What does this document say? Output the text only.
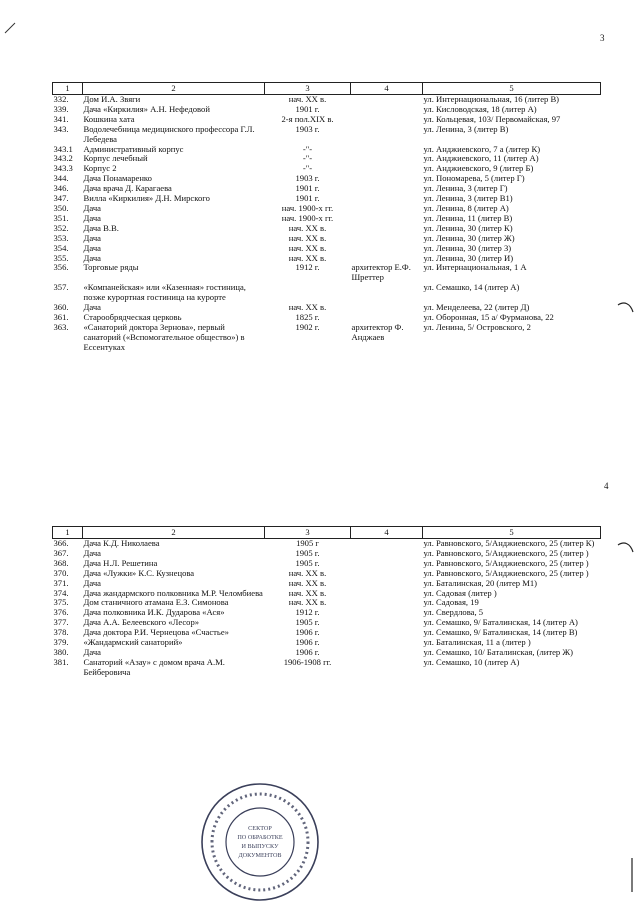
3
1	2	3	4	5
332.	Дом И.А. Звяги	нач. XX в.		ул. Интернациональная, 16 (литер В)
339.	Дача «Киркилия» А.Н. Нефедовой	1901 г.		ул. Кисловодская, 18 (литер А)
341.	Кошкина хата	2-я пол.XIX в.		ул. Кольцевая, 103/ Первомайская, 97
343.	Водолечебница медицинского профессора Г.Л. Лебедева	1903 г.		ул. Ленина, 3 (литер В)
343.1	Административный корпус	-"-		ул. Анджиевского, 7 а (литер К)
343.2	Корпус лечебный	-"-		ул. Анджиевского, 11 (литер А)
343.3	Корпус 2	-"-		ул. Анджиевского, 9 (литер Б)
344.	Дача Понамаренко	1903 г.		ул. Пономарева, 5 (литер Г)
346.	Дача врача Д. Карагаева	1901 г.		ул. Ленина, 3 (литер Г)
347.	Вилла «Киркилия» Д.Н. Мирского	1901 г.		ул. Ленина, 3 (литер В1)
350.	Дача	нач. 1900-х гг.		ул. Ленина, 8 (литер А)
351.	Дача	нач. 1900-х гг.		ул. Ленина, 11 (литер В)
352.	Дача В.В.	нач. XX в.		ул. Ленина, 30 (литер К)
353.	Дача	нач. XX в.		ул. Ленина, 30 (литер Ж)
354.	Дача	нач. XX в.		ул. Ленина, 30 (литер З)
355.	Дача	нач. XX в.		ул. Ленина, 30 (литер И)
356.	Торговые ряды	1912 г.	архитектор Е.Ф. Шреттер	ул. Интернациональная, 1 А
357.	«Компанейская» или «Казенная» гостиница, позже курортная гостиница на курорте			ул. Семашко, 14 (литер А)
360.	Дача	нач. XX в.		ул. Менделеева, 22 (литер Д)
361.	Старообрядческая церковь	1825 г.		ул. Оборонная, 15 а/ Фурманова, 22
363.	«Санаторий доктора Зернова», первый санаторий («Вспомогательное общество») в Ессентуках	1902 г.	архитектор Ф. Анджаев	ул. Ленина, 5/ Островского, 2
4
1	2	3	4	5
366.	Дача К.Д. Николаева	1905 г		ул. Равновского, 5/Анджиевского, 25 (литер К)
367.	Дача	1905 г.		ул. Равновского, 5/Анджиевского, 25 (литер )
368.	Дача Н.Л. Решетина	1905 г.		ул. Равновского, 5/Анджиевского, 25 (литер )
370.	Дача «Лужки» К.С. Кузнецова	нач. XX в.		ул. Равновского, 5/Анджиевского, 25 (литер )
371.	Дача	нач. XX в.		ул. Баталинская, 20 (литер М1)
374.	Дача жандармского полковника М.Р. Челомбиева	нач. XX в.		ул. Садовая (литер )
375.	Дом станичного атамана Е.З. Симонова	нач. XX в.		ул. Садовая, 19
376.	Дача полковника И.К. Дударова «Ася»	1912 г.		ул. Свердлова, 5
377.	Дача А.А. Белеевского «Лесор»	1905 г.		ул. Семашко, 9/ Баталинская, 14 (литер А)
378.	Дача доктора Р.И. Чернецова «Счастье»	1906 г.		ул. Семашко, 9/ Баталинская, 14 (литер В)
379.	«Жандармский санаторий»	1906 г.		ул. Баталинская, 11 а (литер )
380.	Дача	1906 г.		ул. Семашко, 10/ Баталинская, (литер Ж)
381.	Санаторий «Азау» с домом врача А.М. Бейберовича	1906-1908 гг.		ул. Семашко, 10 (литер А)
СЕКТОР
ПО ОБРАБОТКЕ
И ВЫПУСКУ
ДОКУМЕНТОВ
